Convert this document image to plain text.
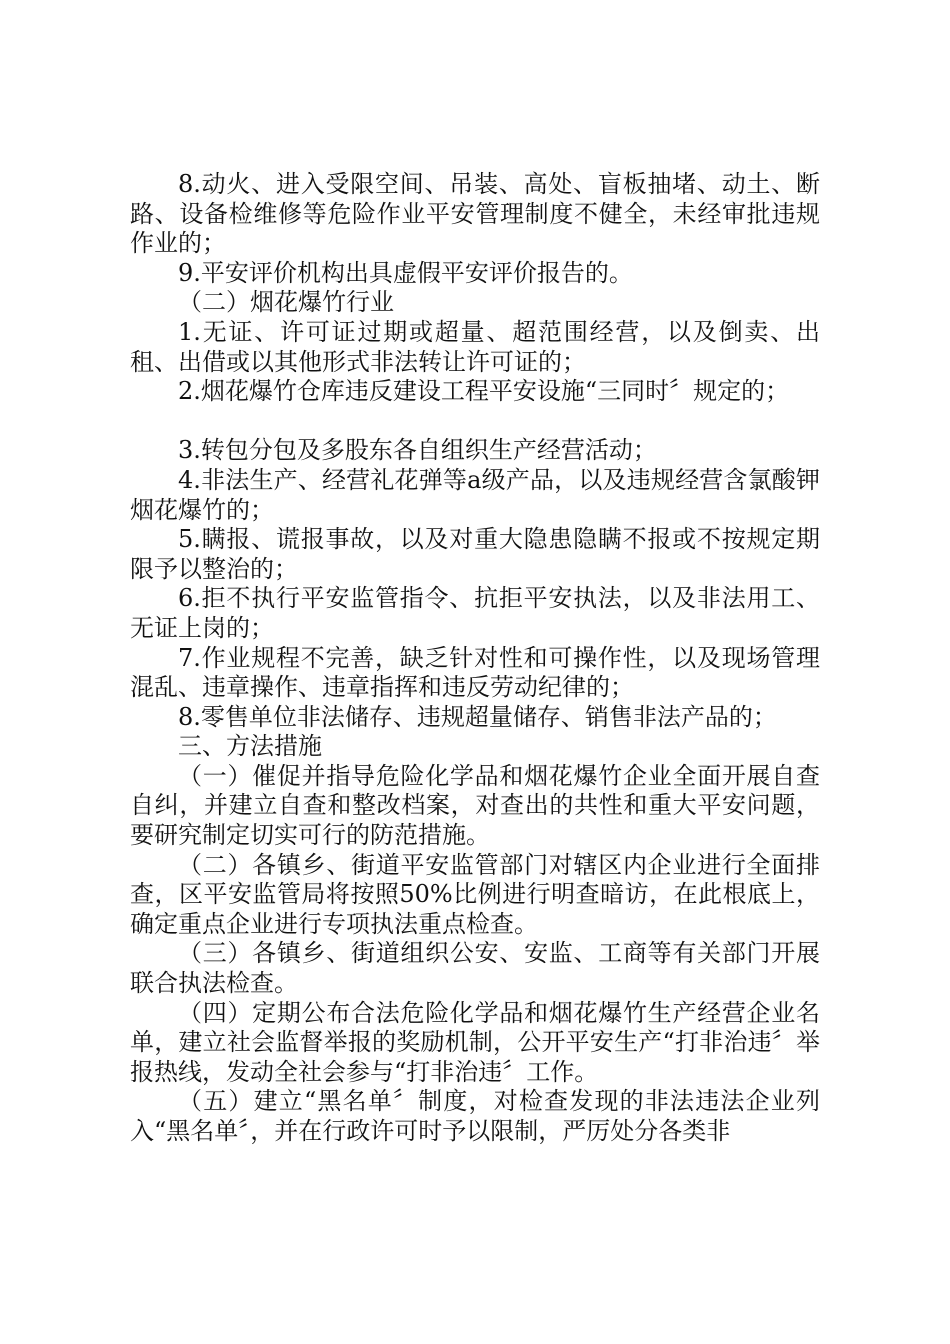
8.动火、进入受限空间、吊装、高处、盲板抽堵、动土、断路、设备检维修等危险作业平安管理制度不健全，未经审批违规作业的；

9.平安评价机构出具虚假平安评价报告的。

（二）烟花爆竹行业

1.无证、许可证过期或超量、超范围经营，以及倒卖、出租、出借或以其他形式非法转让许可证的；

2.烟花爆竹仓库违反建设工程平安设施“三同时〞规定的；

3.转包分包及多股东各自组织生产经营活动；

4.非法生产、经营礼花弹等a级产品，以及违规经营含氯酸钾烟花爆竹的；

5.瞒报、谎报事故，以及对重大隐患隐瞒不报或不按规定期限予以整治的；

6.拒不执行平安监管指令、抗拒平安执法，以及非法用工、无证上岗的；

7.作业规程不完善，缺乏针对性和可操作性，以及现场管理混乱、违章操作、违章指挥和违反劳动纪律的；

8.零售单位非法储存、违规超量储存、销售非法产品的；

三、方法措施

（一）催促并指导危险化学品和烟花爆竹企业全面开展自查自纠，并建立自查和整改档案，对查出的共性和重大平安问题，要研究制定切实可行的防范措施。

（二）各镇乡、街道平安监管部门对辖区内企业进行全面排查，区平安监管局将按照50%比例进行明查暗访，在此根底上，确定重点企业进行专项执法重点检查。

（三）各镇乡、街道组织公安、安监、工商等有关部门开展联合执法检查。

（四）定期公布合法危险化学品和烟花爆竹生产经营企业名单，建立社会监督举报的奖励机制，公开平安生产“打非治违〞举报热线，发动全社会参与“打非治违〞工作。

（五）建立“黑名单〞制度，对检查发现的非法违法企业列入“黑名单〞，并在行政许可时予以限制，严厉处分各类非
